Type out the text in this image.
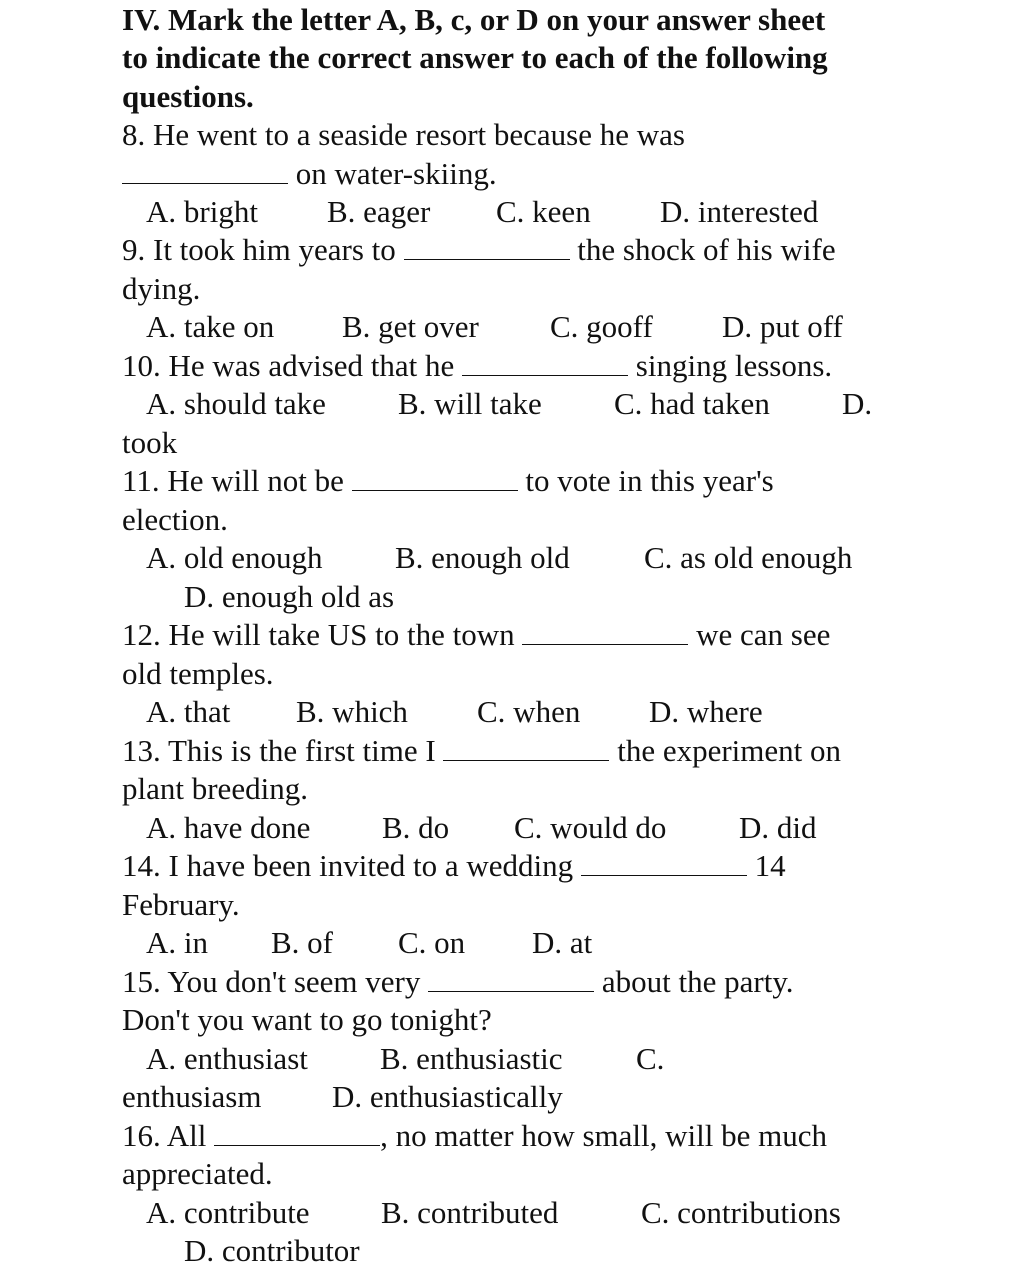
IV. Mark the letter A, B, c, or D on your answer sheet
to indicate the correct answer to each of the following
questions.
8. He went to a seaside resort because he was
on water-skiing.
A. bright B. eager C. keen D. interested
9. It took him years to	the shock of his wife
dying.
A. take on B. get over C. gooff D. put off
10. He was advised that he	singing lessons.
A. should take B. will take C. had taken D.
took
11. He will not be	to vote in this year's
election.
A. old enough B. enough old C. as old enough
D. enough old as
12. He will take US to the town	we can see
old temples.
A. that B. which C. when D. where
13. This is the first time I	the experiment on
plant breeding.
A. have done B. do C. would do D. did
14. I have been invited to a wedding	14
February.
A. in B. of C. on D. at
15. You don't seem very	about the party.
Don't you want to go tonight?
A. enthusiast B. enthusiastic C.
enthusiasm D. enthusiastically
16. All	, no matter how small, will be much
appreciated.
A. contribute B. contributed	C. contributions
D. contributor
